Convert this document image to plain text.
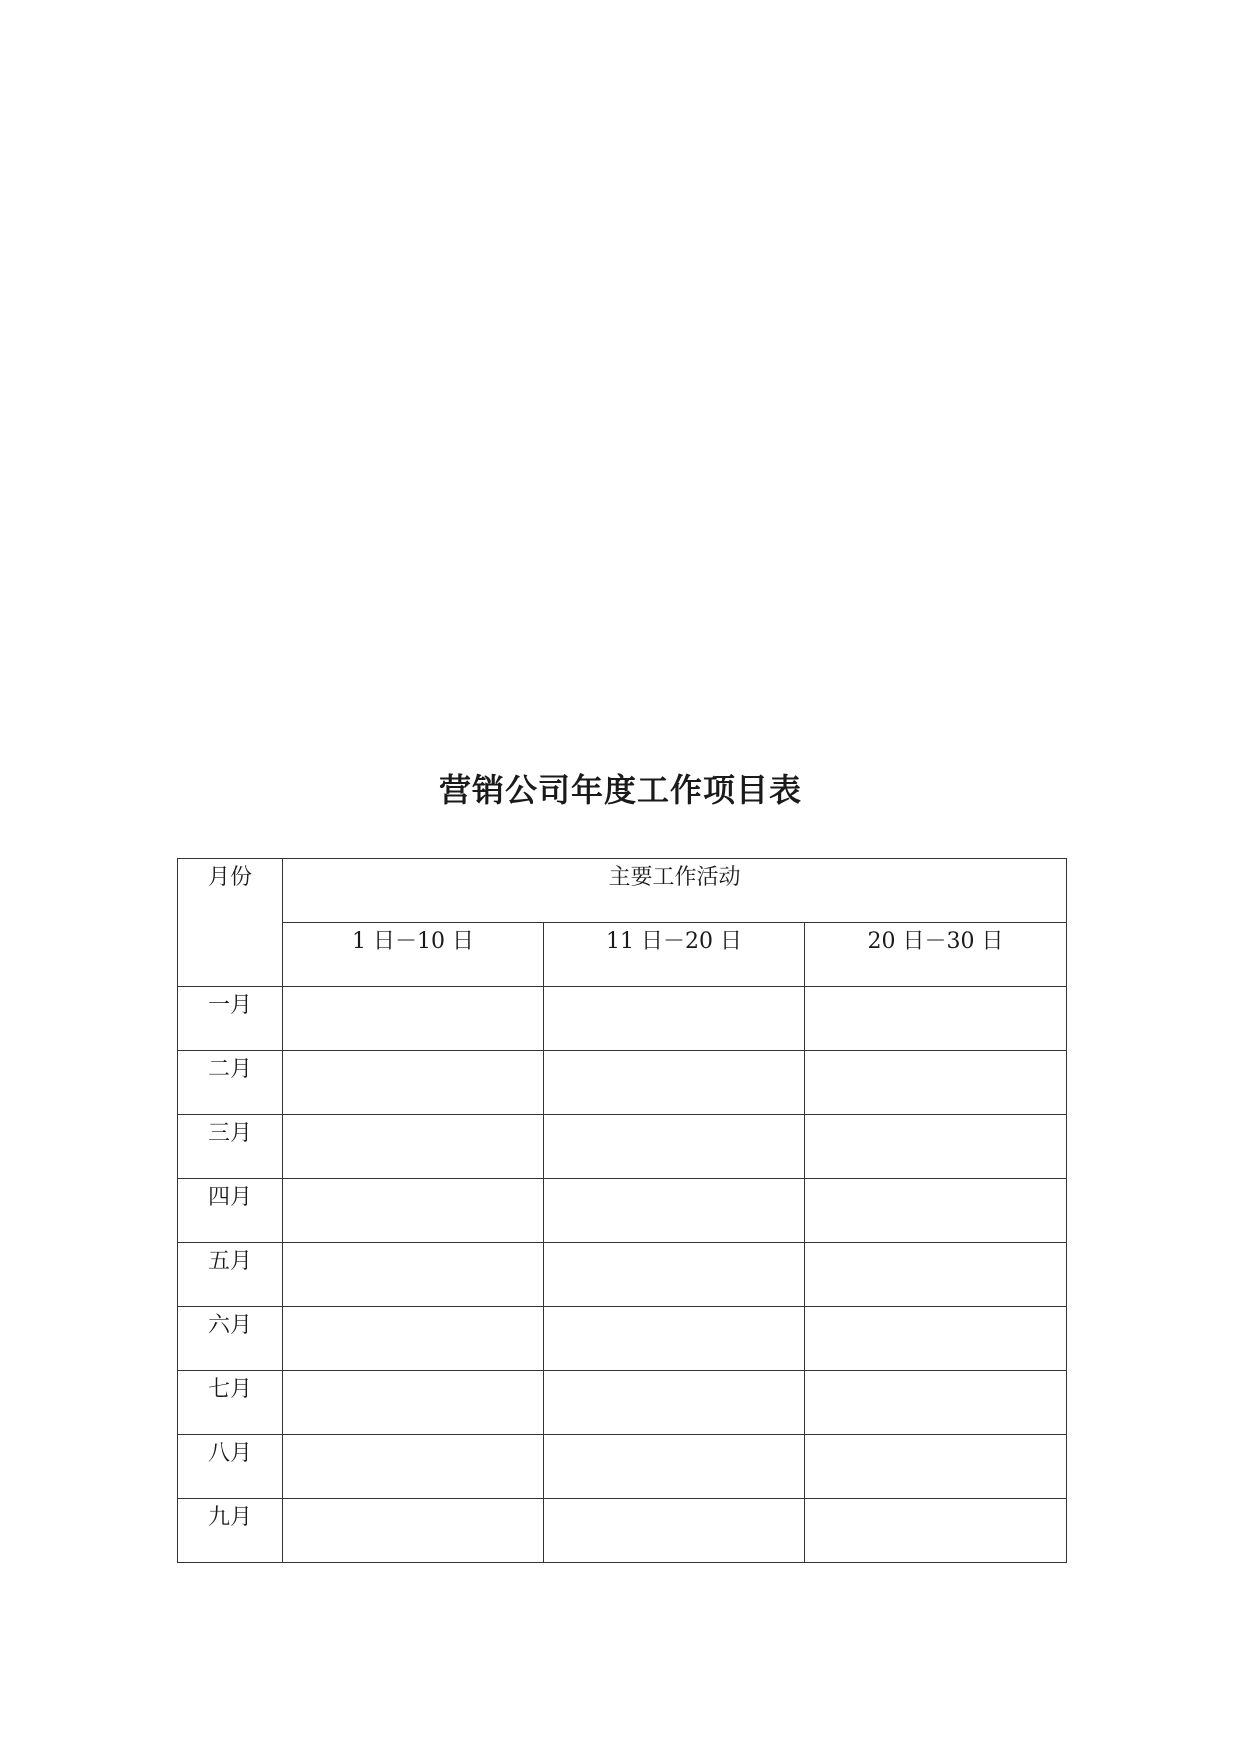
营销公司年度工作项目表
月份	主要工作活动		
	1 日－10 日	11 日－20 日	20 日－30 日
一月			
二月			
三月			
四月			
五月			
六月			
七月			
八月			
九月			
